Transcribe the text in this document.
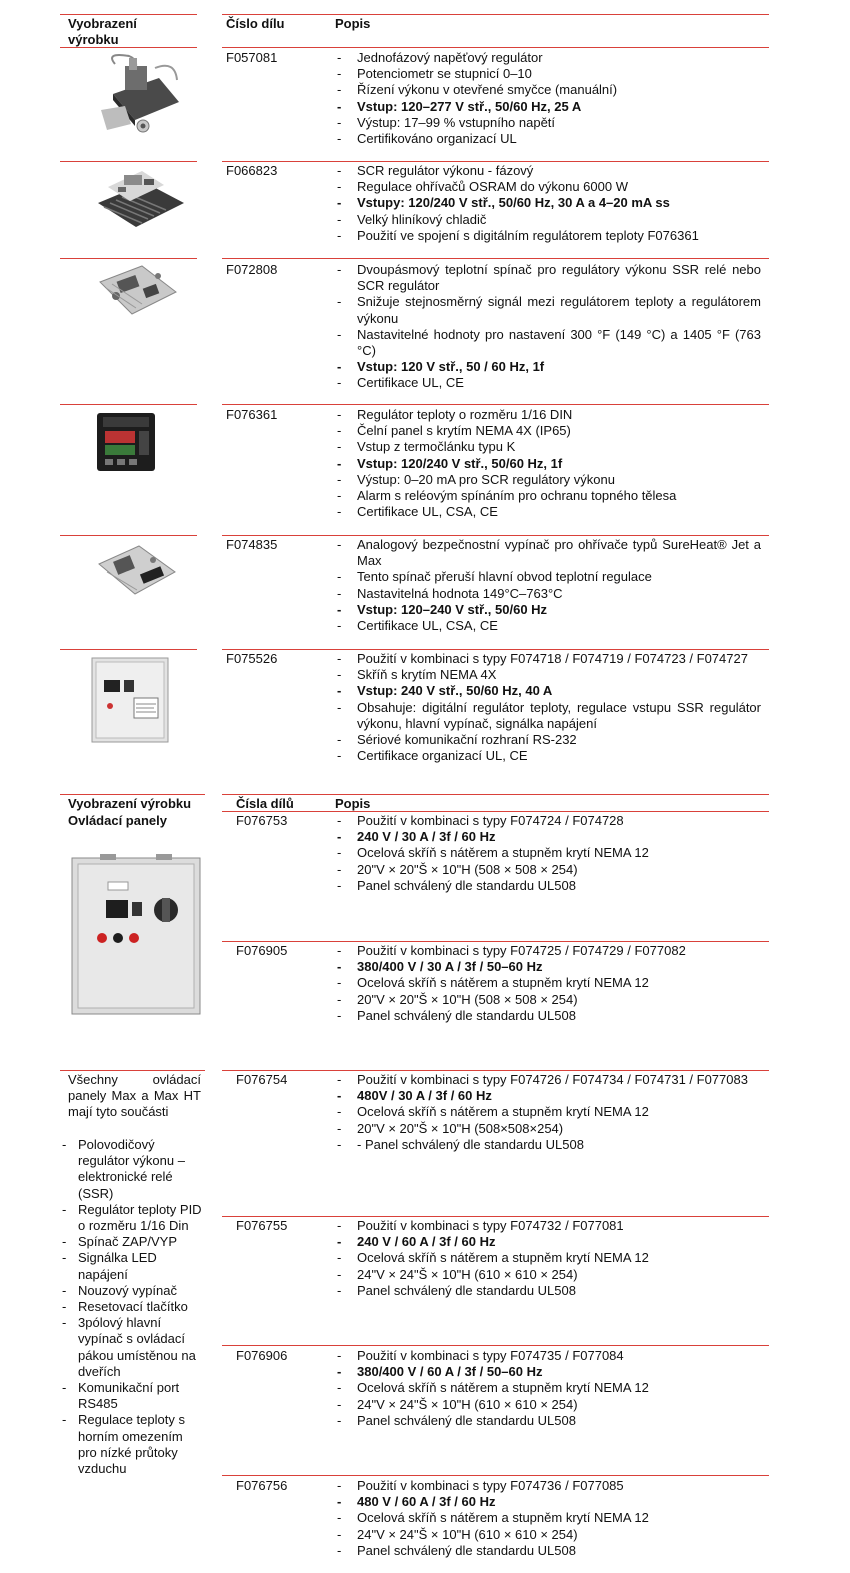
Vyobrazení výrobku
Číslo dílu	Popis
F057081	- Jednofázový napěťový regulátor
- Potenciometr se stupnicí 0–10
- Řízení výkonu v otevřené smyčce (manuální)
- Vstup: 120–277 V stř., 50/60 Hz, 25 A
- Výstup: 17–99 % vstupního napětí
- Certifikováno organizací UL
F066823	- SCR regulátor výkonu - fázový
- Regulace ohřívačů OSRAM do výkonu 6000 W
- Vstupy: 120/240 V stř., 50/60 Hz, 30 A a 4–20 mA ss
- Velký hliníkový chladič
- Použití ve spojení s digitálním regulátorem teploty F076361
F072808	- Dvoupásmový teplotní spínač pro regulátory výkonu SSR relé nebo SCR regulátor
- Snižuje stejnosměrný signál mezi regulátorem teploty a regulátorem výkonu
- Nastavitelné hodnoty pro nastavení 300 °F (149 °C) a 1405 °F (763 °C)
- Vstup: 120 V stř., 50 / 60 Hz, 1f
- Certifikace UL, CE
F076361	- Regulátor teploty o rozměru 1/16 DIN
- Čelní panel s krytím NEMA 4X (IP65)
- Vstup z termočlánku typu K
- Vstup: 120/240 V stř., 50/60 Hz, 1f
- Výstup: 0–20 mA pro SCR regulátory výkonu
- Alarm s reléovým spínáním pro ochranu topného tělesa
- Certifikace UL, CSA, CE
F074835	- Analogový bezpečnostní vypínač pro ohřívače typů SureHeat® Jet a Max
- Tento spínač přeruší hlavní obvod teplotní regulace
- Nastavitelná hodnota 149°C–763°C
- Vstup: 120–240 V stř., 50/60 Hz
- Certifikace UL, CSA, CE
F075526	- Použití v kombinaci s typy F074718 / F074719 / F074723 / F074727
- Skříň s krytím NEMA 4X
- Vstup: 240 V stř., 50/60 Hz, 40 A
- Obsahuje: digitální regulátor teploty, regulace vstupu SSR regulátor výkonu, hlavní vypínač, signálka napájení
- Sériové komunikační rozhraní RS-232
- Certifikace organizací UL, CE
Vyobrazení výrobku	Čísla dílů	Popis
Ovládací panely	F076753	- Použití v kombinaci s typy F074724 / F074728
- 240 V / 30 A / 3f / 60 Hz
- Ocelová skříň s nátěrem a stupněm krytí NEMA 12
- 20"V × 20"Š × 10"H (508 × 508 × 254)
- Panel schválený dle standardu UL508
F076905	- Použití v kombinaci s typy F074725 / F074729 / F077082
- 380/400 V / 30 A / 3f / 50–60 Hz
- Ocelová skříň s nátěrem a stupněm krytí NEMA 12
- 20"V × 20"Š × 10"H (508 × 508 × 254)
- Panel schválený dle standardu UL508
Všechny ovládací panely Max a Max HT mají tyto součásti
- Polovodičový regulátor výkonu – elektronické relé (SSR)
- Regulátor teploty PID o rozměru 1/16 Din
- Spínač ZAP/VYP
- Signálka LED napájení
- Nouzový vypínač
- Resetovací tlačítko
- 3pólový hlavní vypínač s ovládací pákou umístěnou na dveřích
- Komunikační port RS485
- Regulace teploty s horním omezením pro nízké průtoky vzduchu
F076754	- Použití v kombinaci s typy F074726 / F074734 / F074731 / F077083
- 480V / 30 A / 3f / 60 Hz
- Ocelová skříň s nátěrem a stupněm krytí NEMA 12
- 20"V × 20"Š × 10"H (508×508×254)
- - Panel schválený dle standardu UL508
F076755	- Použití v kombinaci s typy F074732 / F077081
- 240 V / 60 A / 3f / 60 Hz
- Ocelová skříň s nátěrem a stupněm krytí NEMA 12
- 24"V × 24"Š × 10"H (610 × 610 × 254)
- Panel schválený dle standardu UL508
F076906	- Použití v kombinaci s typy F074735 / F077084
- 380/400 V / 60 A / 3f / 50–60 Hz
- Ocelová skříň s nátěrem a stupněm krytí NEMA 12
- 24"V × 24"Š × 10"H (610 × 610 × 254)
- Panel schválený dle standardu UL508
F076756	- Použití v kombinaci s typy F074736 / F077085
- 480 V / 60 A / 3f / 60 Hz
- Ocelová skříň s nátěrem a stupněm krytí NEMA 12
- 24"V × 24"Š × 10"H (610 × 610 × 254)
- Panel schválený dle standardu UL508
